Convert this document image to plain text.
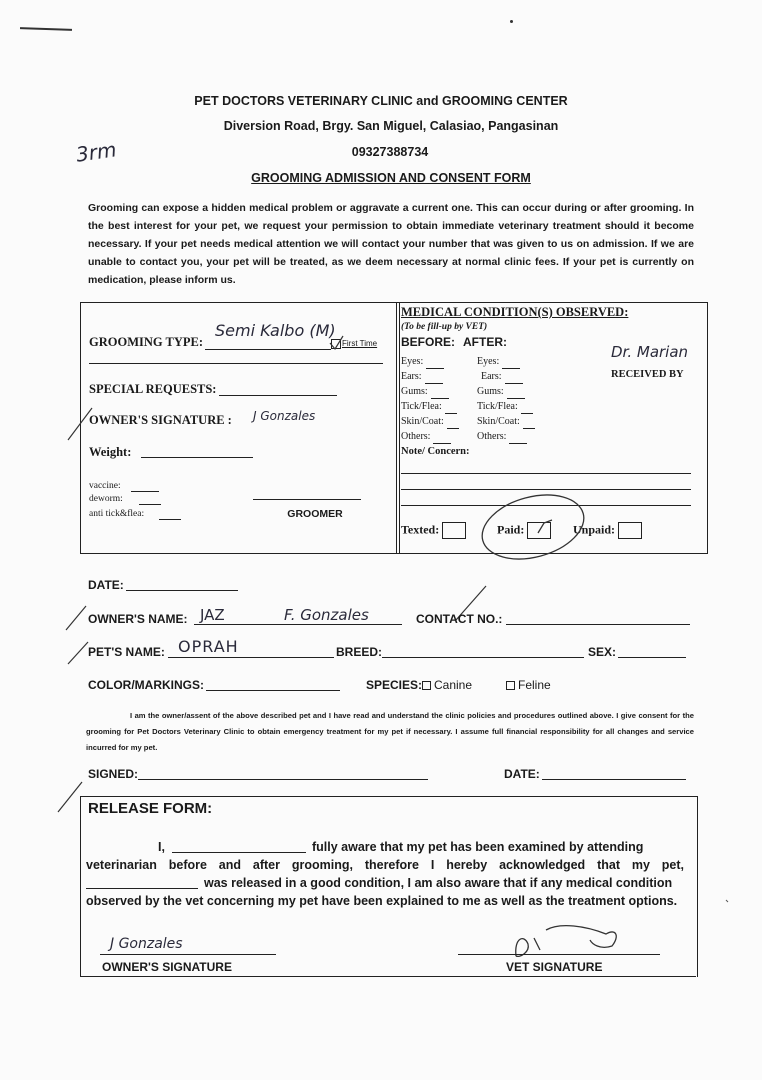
PET DOCTORS VETERINARY CLINIC and GROOMING CENTER
Diversion Road, Brgy. San Miguel, Calasiao, Pangasinan
09327388734
GROOMING ADMISSION AND CONSENT FORM
3rm
Grooming can expose a hidden medical problem or aggravate a current one. This can occur during or after grooming. In the best interest for your pet, we request your permission to obtain immediate veterinary treatment should it become necessary. If your pet needs medical attention we will contact your number that was given to us on admission. If we are unable to contact you, your pet will be treated, as we deem necessary at normal clinic fees. If your pet is currently on medication, please inform us.
GROOMING TYPE:
Semi Kalbo (M)
First Time
SPECIAL REQUESTS:
OWNER'S SIGNATURE : J Gonzales
Weight:
vaccine:
deworm:
anti tick&flea:	GROOMER
MEDICAL CONDITION(S) OBSERVED:
(To be fill-up by VET)
BEFORE: AFTER:
Eyes:	Eyes:
Ears:	Ears:
Gums:	Gums:
Tick/Flea:	Tick/Flea:
Skin/Coat:	Skin/Coat:
Others:	Others:
Dr. Marian
RECEIVED BY
Note/ Concern:
Texted:	Paid:	Unpaid:
DATE:
OWNER'S NAME: JAZ	F. Gonzales	CONTACT NO.:
PET'S NAME: OPRAH	BREED:	SEX:
COLOR/MARKINGS:	SPECIES: Canine	Feline
I am the owner/assent of the above described pet and I have read and understand the clinic policies and procedures outlined above. I give consent for the grooming for Pet Doctors Veterinary Clinic to obtain emergency treatment for my pet if necessary. I assume full financial responsibility for all changes and service incurred for my pet.
SIGNED:	DATE:
RELEASE FORM:
I,	fully aware that my pet has been examined by attending
veterinarian before and after grooming, therefore I hereby acknowledged that my pet,
was released in a good condition, I am also aware that if any medical condition
observed by the vet concerning my pet have been explained to me as well as the treatment options.
J Gonzales
OWNER'S SIGNATURE	VET SIGNATURE
